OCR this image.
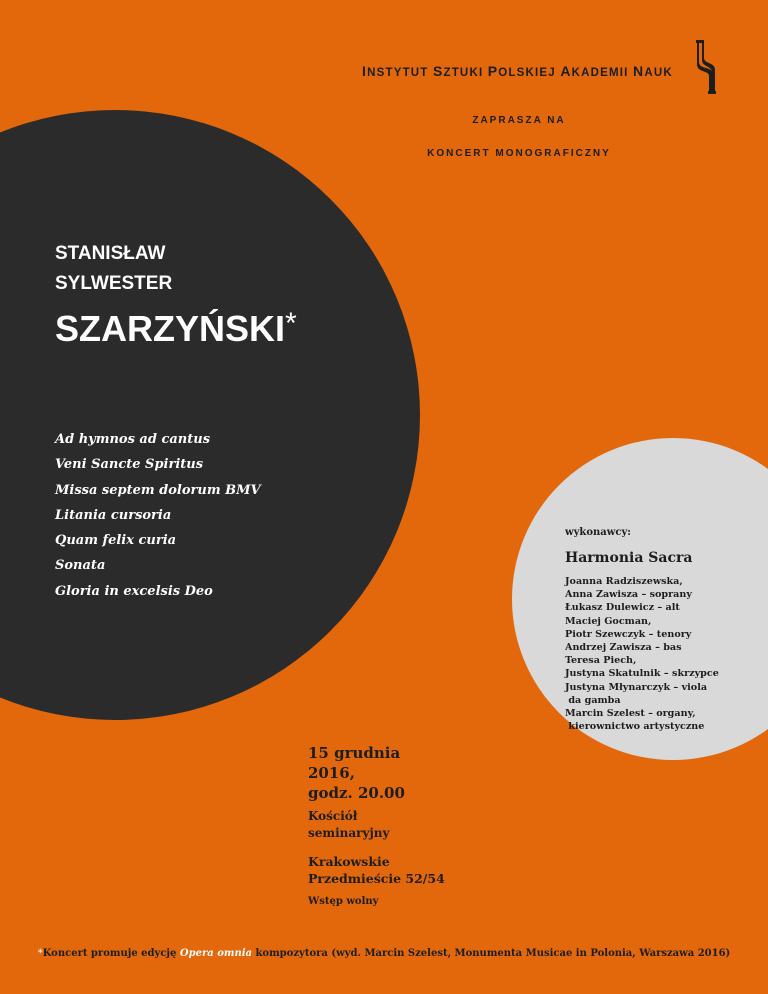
INSTYTUT SZTUKI POLSKIEJ AKADEMII NAUK
ZAPRASZA NA
KONCERT MONOGRAFICZNY
STANISŁAW
SYLWESTER
SZARZYŃSKI*
Ad hymnos ad cantus
Veni Sancte Spiritus
Missa septem dolorum BMV
Litania cursoria
Quam felix curia
Sonata
Gloria in excelsis Deo
wykonawcy:
Harmonia Sacra
Joanna Radziszewska,
Anna Zawisza – soprany
Łukasz Dulewicz – alt
Maciej Gocman,
Piotr Szewczyk – tenory
Andrzej Zawisza – bas
Teresa Piech,
Justyna Skatulnik – skrzypce
Justyna Młynarczyk – viola
da gamba
Marcin Szelest – organy,
kierownictwo artystyczne
15 grudnia
2016,
godz. 20.00
Kościół
seminaryjny
Krakowskie
Przedmieście 52/54
Wstęp wolny
*Koncert promuje edycję Opera omnia kompozytora (wyd. Marcin Szelest, Monumenta Musicae in Polonia, Warszawa 2016)
